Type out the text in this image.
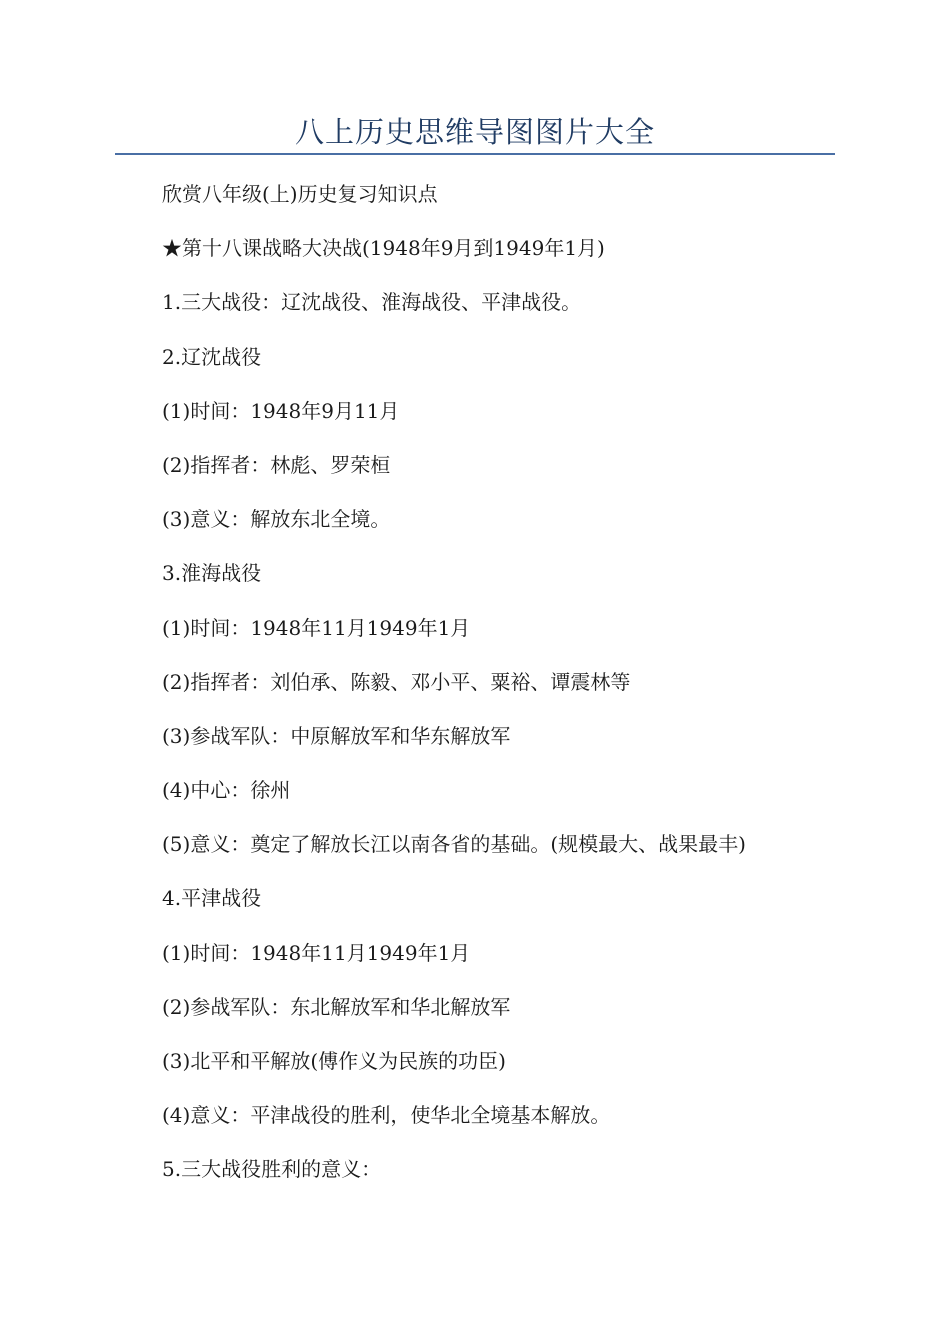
八上历史思维导图图片大全
欣赏八年级(上)历史复习知识点
★第十八课战略大决战(1948年9月到1949年1月)
1.三大战役：辽沈战役、淮海战役、平津战役。
2.辽沈战役
(1)时间：1948年9月11月
(2)指挥者：林彪、罗荣桓
(3)意义：解放东北全境。
3.淮海战役
(1)时间：1948年11月1949年1月
(2)指挥者：刘伯承、陈毅、邓小平、粟裕、谭震林等
(3)参战军队：中原解放军和华东解放军
(4)中心：徐州
(5)意义：奠定了解放长江以南各省的基础。(规模最大、战果最丰)
4.平津战役
(1)时间：1948年11月1949年1月
(2)参战军队：东北解放军和华北解放军
(3)北平和平解放(傅作义为民族的功臣)
(4)意义：平津战役的胜利，使华北全境基本解放。
5.三大战役胜利的意义：
